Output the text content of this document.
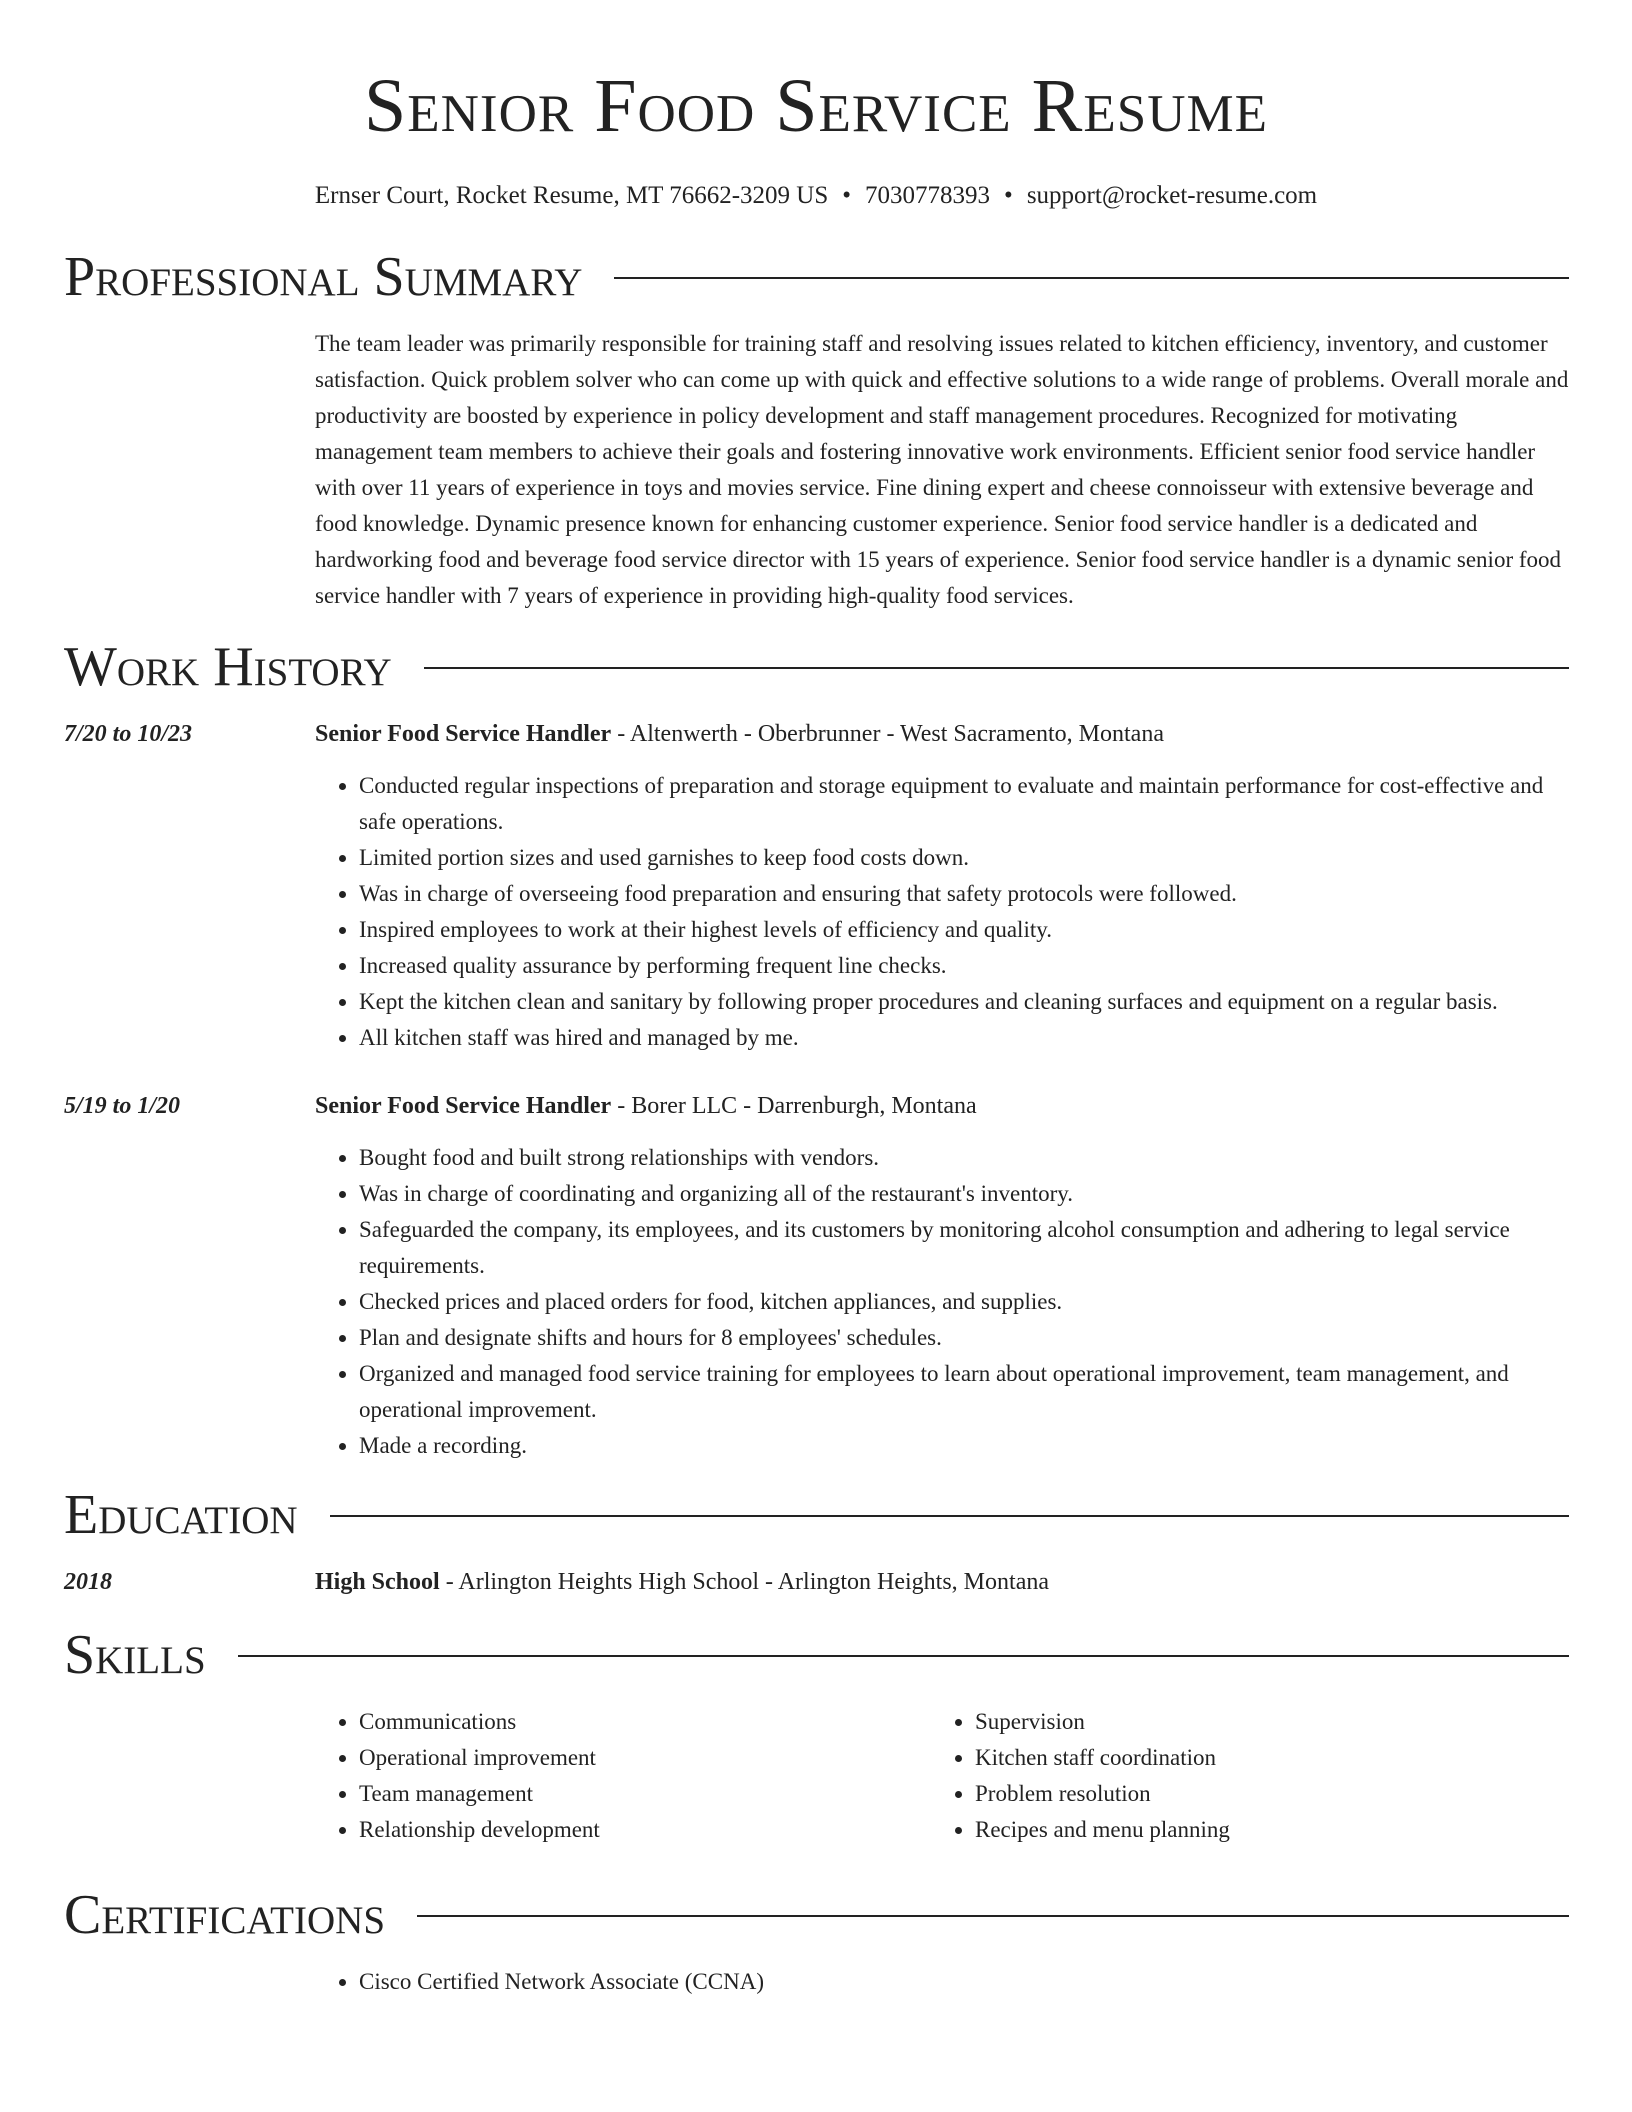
Senior Food Service Resume
Ernser Court, Rocket Resume, MT 76662-3209 US • 7030778393 • support@rocket-resume.com
Professional Summary
The team leader was primarily responsible for training staff and resolving issues related to kitchen efficiency, inventory, and customer satisfaction. Quick problem solver who can come up with quick and effective solutions to a wide range of problems. Overall morale and productivity are boosted by experience in policy development and staff management procedures. Recognized for motivating management team members to achieve their goals and fostering innovative work environments. Efficient senior food service handler with over 11 years of experience in toys and movies service. Fine dining expert and cheese connoisseur with extensive beverage and food knowledge. Dynamic presence known for enhancing customer experience. Senior food service handler is a dedicated and hardworking food and beverage food service director with 15 years of experience. Senior food service handler is a dynamic senior food service handler with 7 years of experience in providing high-quality food services.
Work History
7/20 to 10/23	Senior Food Service Handler - Altenwerth - Oberbrunner - West Sacramento, Montana
• Conducted regular inspections of preparation and storage equipment to evaluate and maintain performance for cost-effective and safe operations.
• Limited portion sizes and used garnishes to keep food costs down.
• Was in charge of overseeing food preparation and ensuring that safety protocols were followed.
• Inspired employees to work at their highest levels of efficiency and quality.
• Increased quality assurance by performing frequent line checks.
• Kept the kitchen clean and sanitary by following proper procedures and cleaning surfaces and equipment on a regular basis.
• All kitchen staff was hired and managed by me.
5/19 to 1/20	Senior Food Service Handler - Borer LLC - Darrenburgh, Montana
• Bought food and built strong relationships with vendors.
• Was in charge of coordinating and organizing all of the restaurant's inventory.
• Safeguarded the company, its employees, and its customers by monitoring alcohol consumption and adhering to legal service requirements.
• Checked prices and placed orders for food, kitchen appliances, and supplies.
• Plan and designate shifts and hours for 8 employees' schedules.
• Organized and managed food service training for employees to learn about operational improvement, team management, and operational improvement.
• Made a recording.
Education
2018	High School - Arlington Heights High School - Arlington Heights, Montana
Skills
• Communications
• Operational improvement
• Team management
• Relationship development
• Supervision
• Kitchen staff coordination
• Problem resolution
• Recipes and menu planning
Certifications
• Cisco Certified Network Associate (CCNA)
